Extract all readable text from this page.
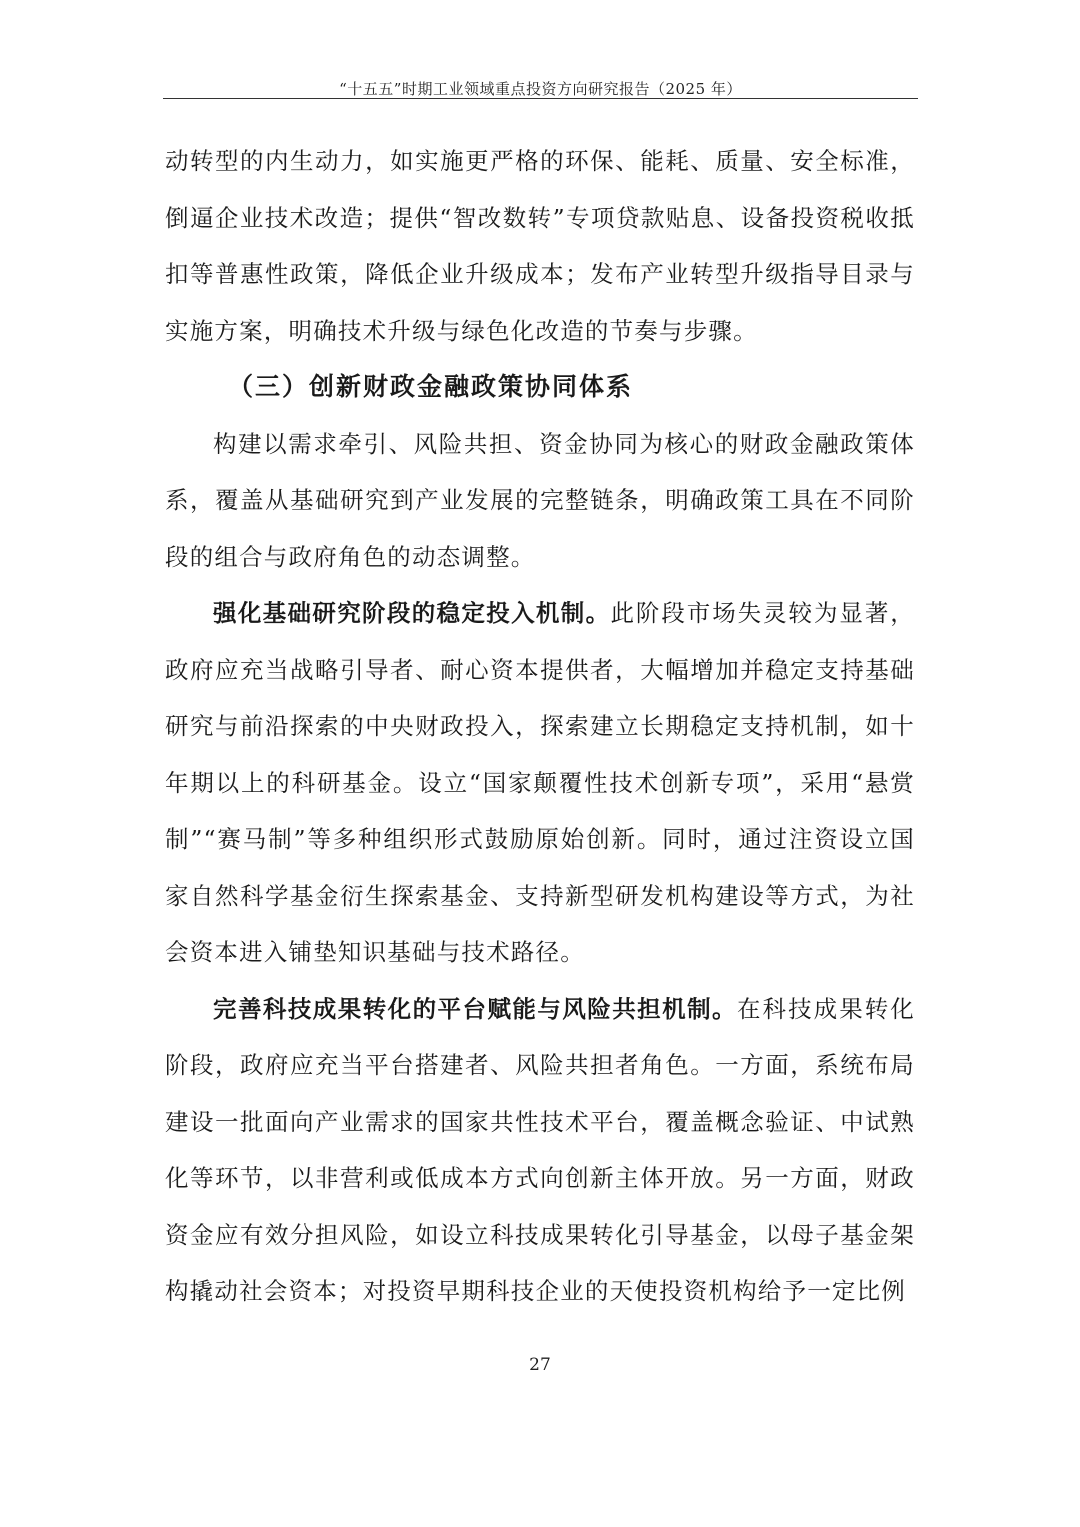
“十五五”时期工业领域重点投资方向研究报告（2025 年）

动转型的内生动力，如实施更严格的环保、能耗、质量、安全标准，倒逼企业技术改造；提供“智改数转”专项贷款贴息、设备投资税收抵扣等普惠性政策，降低企业升级成本；发布产业转型升级指导目录与实施方案，明确技术升级与绿色化改造的节奏与步骤。

（三）创新财政金融政策协同体系

构建以需求牵引、风险共担、资金协同为核心的财政金融政策体系，覆盖从基础研究到产业发展的完整链条，明确政策工具在不同阶段的组合与政府角色的动态调整。

强化基础研究阶段的稳定投入机制。此阶段市场失灵较为显著，政府应充当战略引导者、耐心资本提供者，大幅增加并稳定支持基础研究与前沿探索的中央财政投入，探索建立长期稳定支持机制，如十年期以上的科研基金。设立“国家颠覆性技术创新专项”，采用“悬赏制”“赛马制”等多种组织形式鼓励原始创新。同时，通过注资设立国家自然科学基金衍生探索基金、支持新型研发机构建设等方式，为社会资本进入铺垫知识基础与技术路径。

完善科技成果转化的平台赋能与风险共担机制。在科技成果转化阶段，政府应充当平台搭建者、风险共担者角色。一方面，系统布局建设一批面向产业需求的国家共性技术平台，覆盖概念验证、中试熟化等环节，以非营利或低成本方式向创新主体开放。另一方面，财政资金应有效分担风险，如设立科技成果转化引导基金，以母子基金架构撬动社会资本；对投资早期科技企业的天使投资机构给予一定比例

27
